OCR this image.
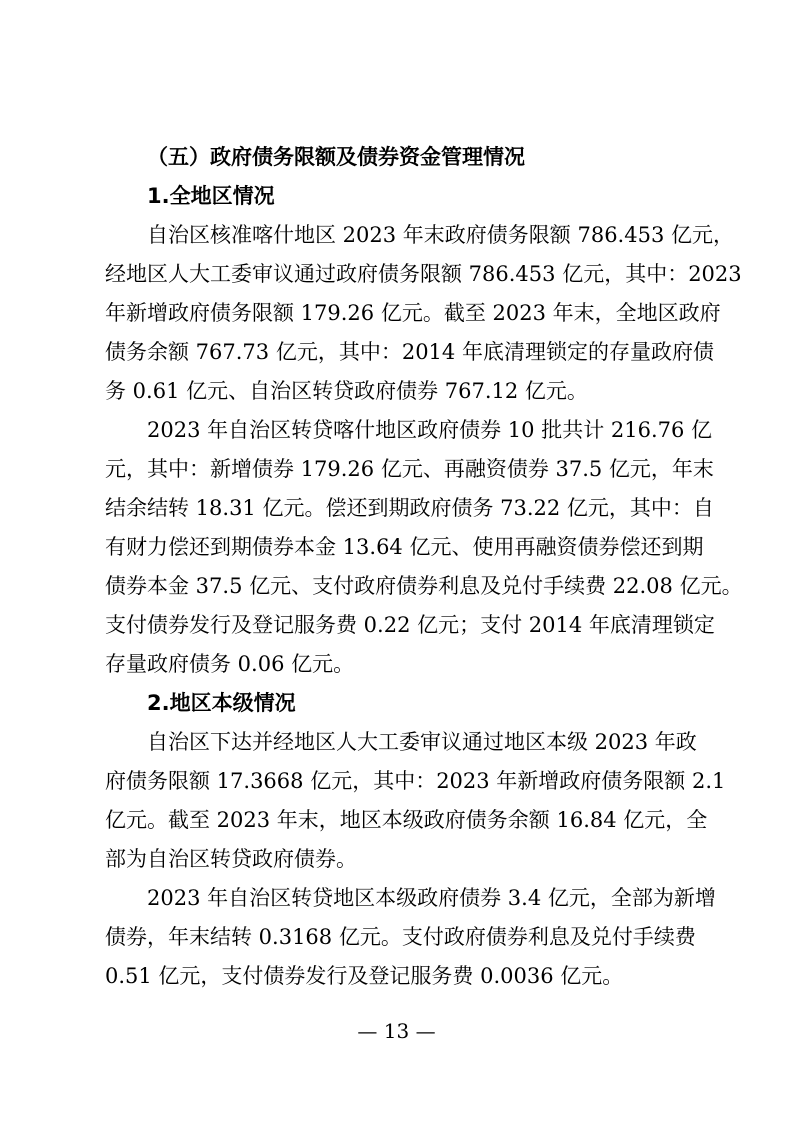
（五）政府债务限额及债券资金管理情况
1.全地区情况
自治区核准喀什地区 2023 年末政府债务限额 786.453 亿元，
经地区人大工委审议通过政府债务限额 786.453 亿元，其中：2023
年新增政府债务限额 179.26 亿元。截至 2023 年末，全地区政府
债务余额 767.73 亿元，其中：2014 年底清理锁定的存量政府债
务 0.61 亿元、自治区转贷政府债券 767.12 亿元。
2023 年自治区转贷喀什地区政府债券 10 批共计 216.76 亿
元，其中：新增债券 179.26 亿元、再融资债券 37.5 亿元，年末
结余结转 18.31 亿元。偿还到期政府债务 73.22 亿元，其中：自
有财力偿还到期债券本金 13.64 亿元、使用再融资债券偿还到期
债券本金 37.5 亿元、支付政府债券利息及兑付手续费 22.08 亿元。
支付债券发行及登记服务费 0.22 亿元；支付 2014 年底清理锁定
存量政府债务 0.06 亿元。
2.地区本级情况
自治区下达并经地区人大工委审议通过地区本级 2023 年政
府债务限额 17.3668 亿元，其中：2023 年新增政府债务限额 2.1
亿元。截至 2023 年末，地区本级政府债务余额 16.84 亿元，全
部为自治区转贷政府债券。
2023 年自治区转贷地区本级政府债券 3.4 亿元，全部为新增
债券，年末结转 0.3168 亿元。支付政府债券利息及兑付手续费
0.51 亿元，支付债券发行及登记服务费 0.0036 亿元。
— 13 —
